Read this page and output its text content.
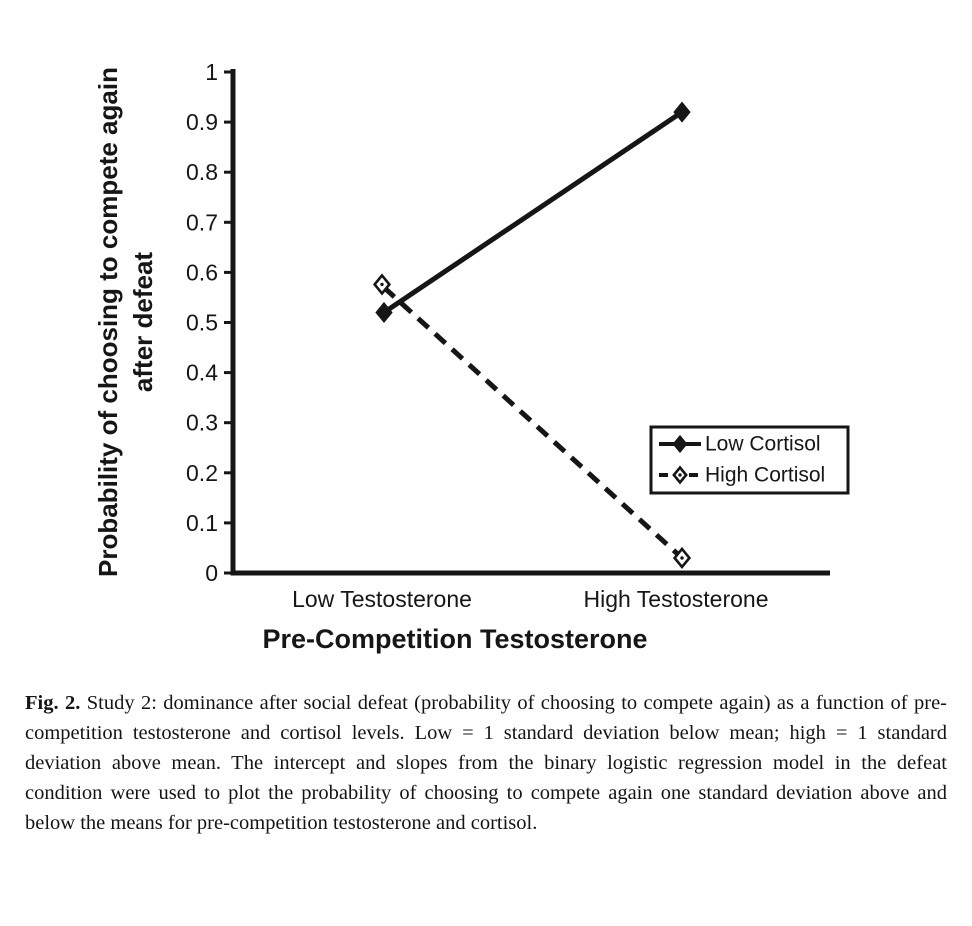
Probability of choosing to compete again after defeat
0
0.1
0.2
0.3
0.4
0.5
0.6
0.7
0.8
0.9
1
Low Testosterone	High Testosterone
Low Cortisol
High Cortisol
Pre-Competition Testosterone

Fig. 2. Study 2: dominance after social defeat (probability of choosing to compete again) as a function of pre-competition testosterone and cortisol levels. Low = 1 standard deviation below mean; high = 1 standard deviation above mean. The intercept and slopes from the binary logistic regression model in the defeat condition were used to plot the probability of choosing to compete again one standard deviation above and below the means for pre-competition testosterone and cortisol.
